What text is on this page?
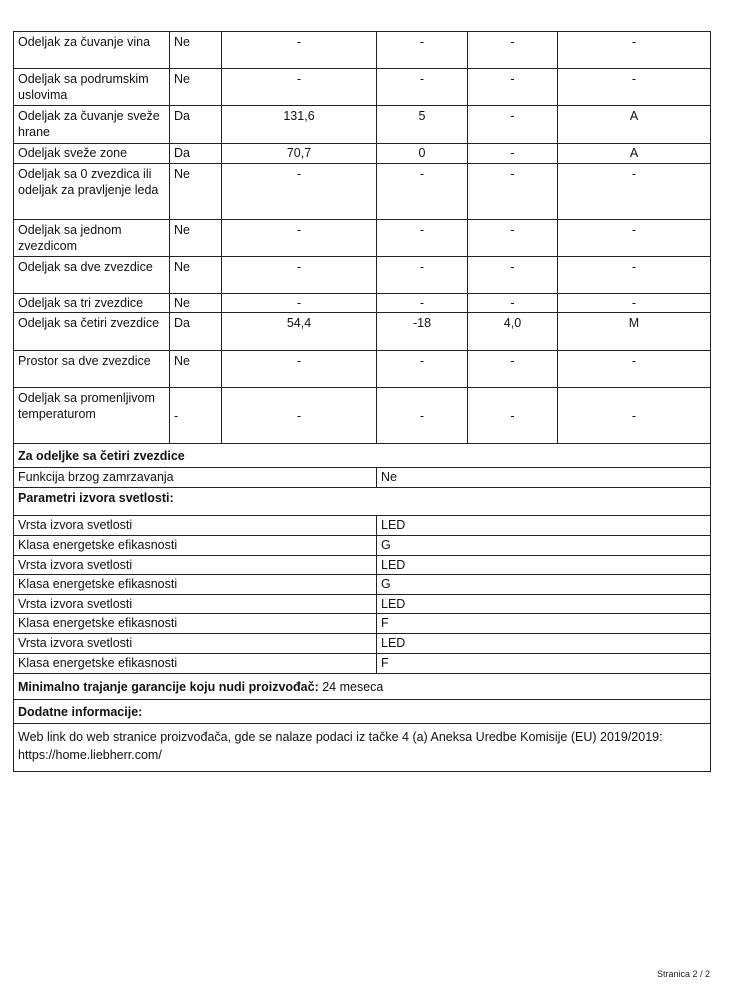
Odeljak za čuvanje vina	Ne	-	-	-	-
Odeljak sa podrumskim uslovima	Ne	-	-	-	-
Odeljak za čuvanje sveže hrane	Da	131,6	5	-	A
Odeljak sveže zone	Da	70,7	0	-	A
Odeljak sa 0 zvezdica ili odeljak za pravljenje leda	Ne	-	-	-	-
Odeljak sa jednom zvezdicom	Ne	-	-	-	-
Odeljak sa dve zvezdice	Ne	-	-	-	-
Odeljak sa tri zvezdice	Ne	-	-	-	-
Odeljak sa četiri zvezdice	Da	54,4	-18	4,0	M
Prostor sa dve zvezdice	Ne	-	-	-	-
Odeljak sa promenljivom temperaturom	-	-	-	-	-
Za odeljke sa četiri zvezdice					
Funkcija brzog zamrzavanja			Ne		
Parametri izvora svetlosti:					
Vrsta izvora svetlosti			LED		
Klasa energetske efikasnosti			G		
Vrsta izvora svetlosti			LED		
Klasa energetske efikasnosti			G		
Vrsta izvora svetlosti			LED		
Klasa energetske efikasnosti			F		
Vrsta izvora svetlosti			LED		
Klasa energetske efikasnosti			F		
Minimalno trajanje garancije koju nudi proizvođač: 24 meseca					
Dodatne informacije:					
Web link do web stranice proizvođača, gde se nalaze podaci iz tačke 4 (a) Aneksa Uredbe Komisije (EU) 2019/2019: https://home.liebherr.com/					
Stranica 2 / 2
